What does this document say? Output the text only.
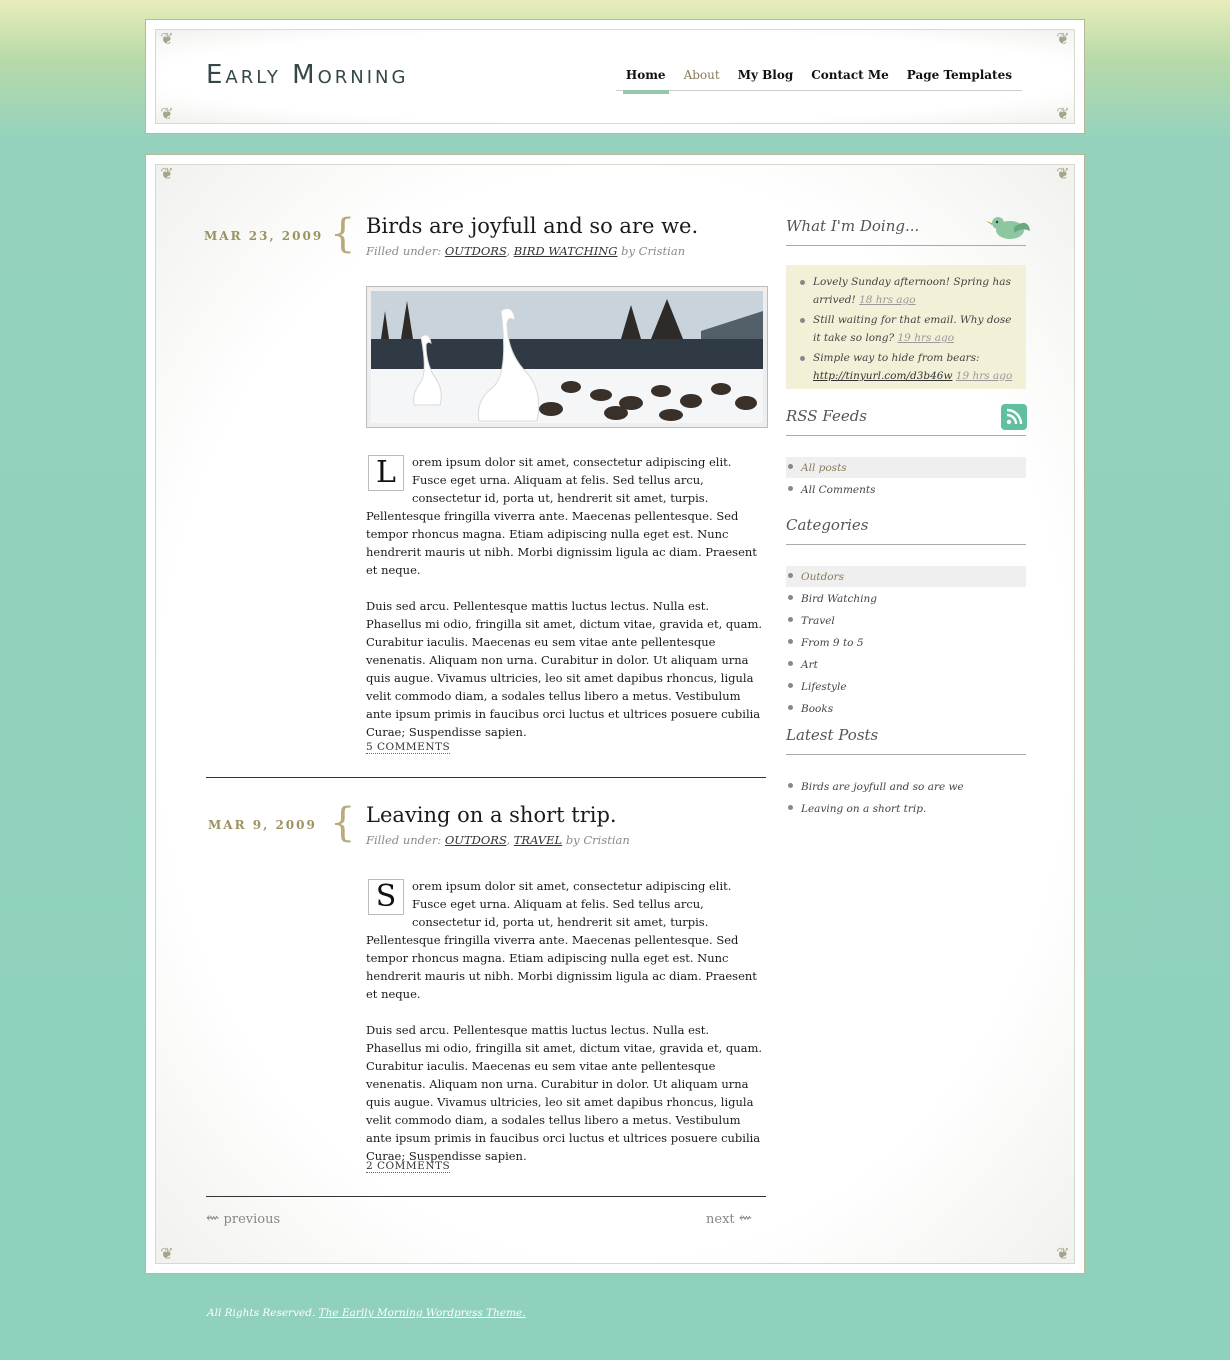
❦	❦
❦	❦
Early Morning	Home About My Blog Contact Me Page Templates
❦	❦
❦	❦
MAR 23, 2009 { Birds are joyfull and so are we.
Filled under: OUTDORS, BIRD WATCHING by Cristian

L	orem ipsum dolor sit amet, consectetur adipiscing elit. Fusce eget urna. Aliquam at felis. Sed tellus arcu, consectetur id, porta ut, hendrerit sit amet, turpis. Pellentesque fringilla viverra ante. Maecenas pellentesque. Sed tempor rhoncus magna. Etiam adipiscing nulla eget est. Nunc hendrerit mauris ut nibh. Morbi dignissim ligula ac diam. Praesent et neque.

Duis sed arcu. Pellentesque mattis luctus lectus. Nulla est. Phasellus mi odio, fringilla sit amet, dictum vitae, gravida et, quam. Curabitur iaculis. Maecenas eu sem vitae ante pellentesque venenatis. Aliquam non urna. Curabitur in dolor. Ut aliquam urna quis augue. Vivamus ultricies, leo sit amet dapibus rhoncus, ligula velit commodo diam, a sodales tellus libero a metus. Vestibulum ante ipsum primis in faucibus orci luctus et ultrices posuere cubilia Curae; Suspendisse sapien.

5 COMMENTS
MAR 9, 2009 { Leaving on a short trip.
Filled under: OUTDORS, TRAVEL by Cristian

S	orem ipsum dolor sit amet, consectetur adipiscing elit. Fusce eget urna. Aliquam at felis. Sed tellus arcu, consectetur id, porta ut, hendrerit sit amet, turpis. Pellentesque fringilla viverra ante. Maecenas pellentesque. Sed tempor rhoncus magna. Etiam adipiscing nulla eget est. Nunc hendrerit mauris ut nibh. Morbi dignissim ligula ac diam. Praesent et neque.

Duis sed arcu. Pellentesque mattis luctus lectus. Nulla est. Phasellus mi odio, fringilla sit amet, dictum vitae, gravida et, quam. Curabitur iaculis. Maecenas eu sem vitae ante pellentesque venenatis. Aliquam non urna. Curabitur in dolor. Ut aliquam urna quis augue. Vivamus ultricies, leo sit amet dapibus rhoncus, ligula velit commodo diam, a sodales tellus libero a metus. Vestibulum ante ipsum primis in faucibus orci luctus et ultrices posuere cubilia Curae; Suspendisse sapien.

2 COMMENTS
⇜ previous	next ⇜
What I'm Doing...
Lovely Sunday afternoon! Spring has arrived! 18 hrs ago
Still waiting for that email. Why dose it take so long? 19 hrs ago
Simple way to hide from bears: http://tinyurl.com/d3b46w 19 hrs ago
RSS Feeds
All posts
All Comments
Categories
Outdors
Bird Watching
Travel
From 9 to 5
Art
Lifestyle
Books
Latest Posts
Birds are joyfull and so are we
Leaving on a short trip.
All Rights Reserved. The Earlly Morning Wordpress Theme.
